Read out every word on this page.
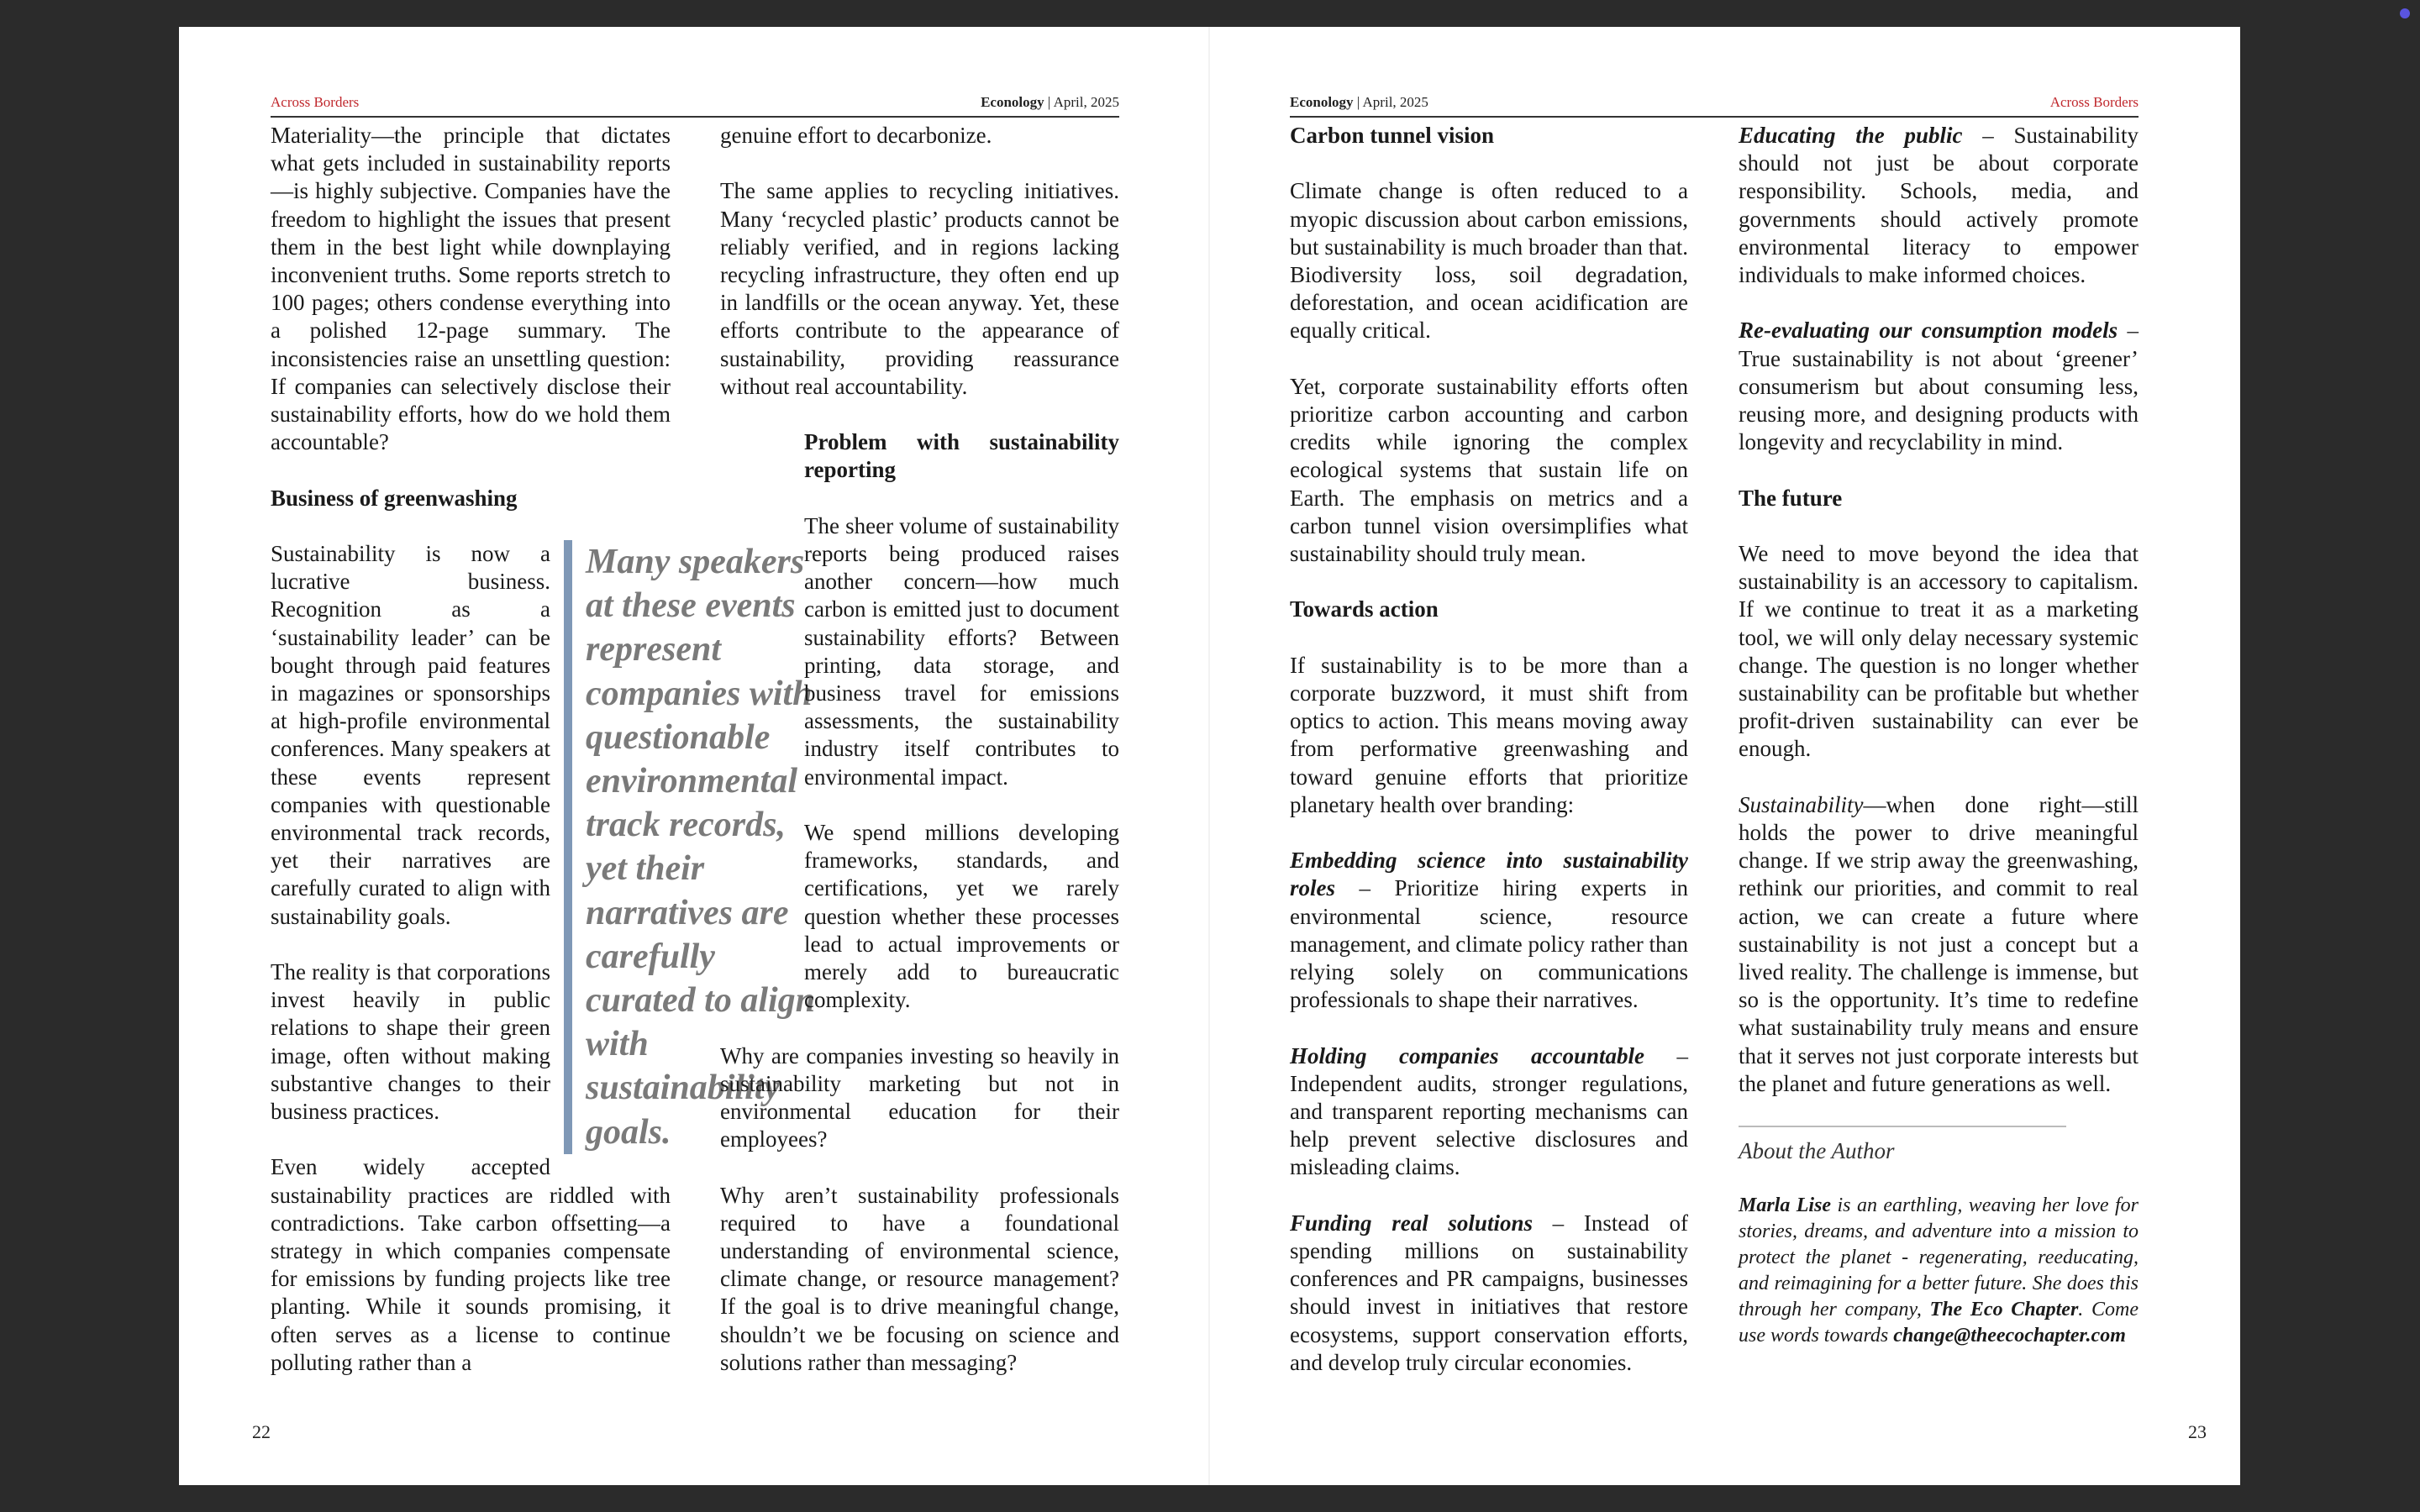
Across Borders	Econology | April, 2025

Materiality—the principle that dictates what gets included in sustainability reports—is highly subjective. Companies have the freedom to highlight the issues that present them in the best light while downplaying inconvenient truths. Some reports stretch to 100 pages; others condense everything into a polished 12-page summary. The inconsistencies raise an unsettling question: If companies can selectively disclose their sustainability efforts, how do we hold them accountable?

Business of greenwashing
Many speakers at these events represent companies with questionable environmental track records, yet their narratives are carefully curated to align with sustainability goals.

Sustainability is now a lucrative business. Recognition as a ‘sustainability leader’ can be bought through paid features in magazines or sponsorships at high-profile environmental conferences. Many speakers at these events represent companies with questionable environmental track records, yet their narratives are carefully curated to align with sustainability goals.

The reality is that corporations invest heavily in public relations to shape their green image, often without making substantive changes to their business practices.

Even widely accepted sustainability practices are riddled with contradictions. Take carbon offsetting—a strategy in which companies compensate for emissions by funding projects like tree planting. While it sounds promising, it often serves as a license to continue polluting rather than a

genuine effort to decarbonize.

The same applies to recycling initiatives. Many ‘recycled plastic’ products cannot be reliably verified, and in regions lacking recycling infrastructure, they often end up in landfills or the ocean anyway. Yet, these efforts contribute to the appearance of sustainability, providing reassurance without real accountability.

Problem with sustainability reporting

The sheer volume of sustainability reports being produced raises another concern—how much carbon is emitted just to document sustainability efforts? Between printing, data storage, and business travel for emissions assessments, the sustainability industry itself contributes to environmental impact.

We spend millions developing frameworks, standards, and certifications, yet we rarely question whether these processes lead to actual improvements or merely add to bureaucratic complexity.

Why are companies investing so heavily in sustainability marketing but not in environmental education for their employees?

Why aren’t sustainability professionals required to have a foundational understanding of environmental science, climate change, or resource management? If the goal is to drive meaningful change, shouldn’t we be focusing on science and solutions rather than messaging?

22
Econology | April, 2025	Across Borders
Carbon tunnel vision

Climate change is often reduced to a myopic discussion about carbon emissions, but sustainability is much broader than that. Biodiversity loss, soil degradation, deforestation, and ocean acidification are equally critical.

Yet, corporate sustainability efforts often prioritize carbon accounting and carbon credits while ignoring the complex ecological systems that sustain life on Earth. The emphasis on metrics and a carbon tunnel vision oversimplifies what sustainability should truly mean.

Towards action

If sustainability is to be more than a corporate buzzword, it must shift from optics to action. This means moving away from performative greenwashing and toward genuine efforts that prioritize planetary health over branding:

Embedding science into sustainability roles – Prioritize hiring experts in environmental science, resource management, and climate policy rather than relying solely on communications professionals to shape their narratives.

Holding companies accountable – Independent audits, stronger regulations, and transparent reporting mechanisms can help prevent selective disclosures and misleading claims.

Funding real solutions – Instead of spending millions on sustainability conferences and PR campaigns, businesses should invest in initiatives that restore ecosystems, support conservation efforts, and develop truly circular economies.

Educating the public – Sustainability should not just be about corporate responsibility. Schools, media, and governments should actively promote environmental literacy to empower individuals to make informed choices.

Re-evaluating our consumption models – True sustainability is not about ‘greener’ consumerism but about consuming less, reusing more, and designing products with longevity and recyclability in mind.

The future

We need to move beyond the idea that sustainability is an accessory to capitalism. If we continue to treat it as a marketing tool, we will only delay necessary systemic change. The question is no longer whether sustainability can be profitable but whether profit-driven sustainability can ever be enough.

Sustainability—when done right—still holds the power to drive meaningful change. If we strip away the greenwashing, rethink our priorities, and commit to real action, we can create a future where sustainability is not just a concept but a lived reality. The challenge is immense, but so is the opportunity. It’s time to redefine what sustainability truly means and ensure that it serves not just corporate interests but the planet and future generations as well.

About the Author

Marla Lise is an earthling, weaving her love for stories, dreams, and adventure into a mission to protect the planet - regenerating, reeducating, and reimagining for a better future. She does this through her company, The Eco Chapter. Come use words towards change@theecochapter.com

23
